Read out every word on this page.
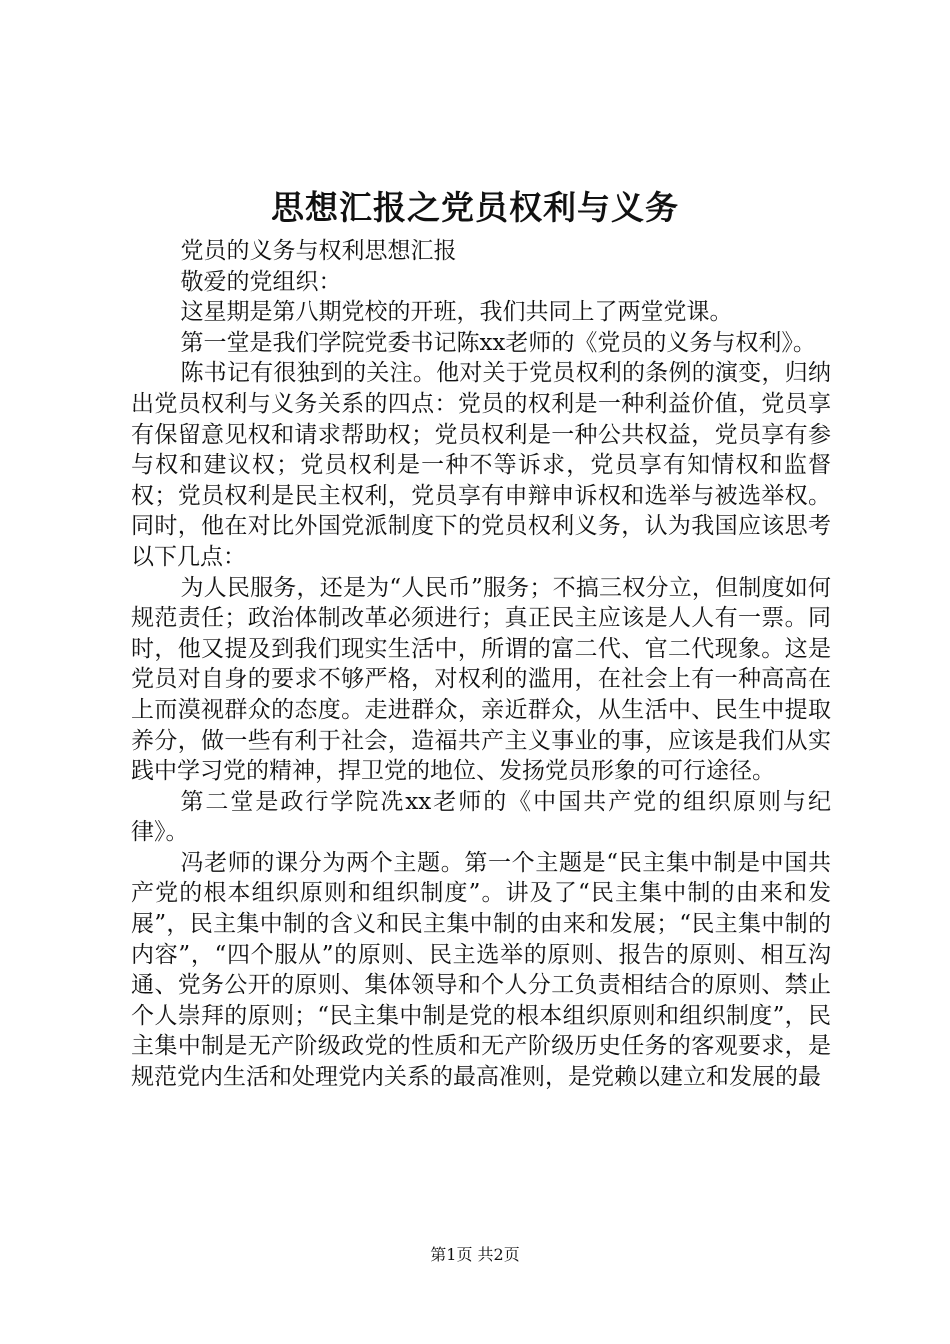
思想汇报之党员权利与义务

党员的义务与权利思想汇报

敬爱的党组织：

这星期是第八期党校的开班，我们共同上了两堂党课。

第一堂是我们学院党委书记陈xx老师的《党员的义务与权利》。

陈书记有很独到的关注。他对关于党员权利的条例的演变，归纳出党员权利与义务关系的四点：党员的权利是一种利益价值，党员享有保留意见权和请求帮助权；党员权利是一种公共权益，党员享有参与权和建议权；党员权利是一种不等诉求，党员享有知情权和监督权；党员权利是民主权利，党员享有申辩申诉权和选举与被选举权。同时，他在对比外国党派制度下的党员权利义务，认为我国应该思考以下几点：

为人民服务，还是为“人民币”服务；不搞三权分立，但制度如何规范责任；政治体制改革必须进行；真正民主应该是人人有一票。同时，他又提及到我们现实生活中，所谓的富二代、官二代现象。这是党员对自身的要求不够严格，对权利的滥用，在社会上有一种高高在上而漠视群众的态度。走进群众，亲近群众，从生活中、民生中提取养分，做一些有利于社会，造福共产主义事业的事，应该是我们从实践中学习党的精神，捍卫党的地位、发扬党员形象的可行途径。

第二堂是政行学院冼xx老师的《中国共产党的组织原则与纪律》。

冯老师的课分为两个主题。第一个主题是“民主集中制是中国共产党的根本组织原则和组织制度”。讲及了“民主集中制的由来和发展”，民主集中制的含义和民主集中制的由来和发展；“民主集中制的内容”，“四个服从”的原则、民主选举的原则、报告的原则、相互沟通、党务公开的原则、集体领导和个人分工负责相结合的原则、禁止个人崇拜的原则；“民主集中制是党的根本组织原则和组织制度”，民主集中制是无产阶级政党的性质和无产阶级历史任务的客观要求，是规范党内生活和处理党内关系的最高准则，是党赖以建立和发展的最

第1页 共2页
